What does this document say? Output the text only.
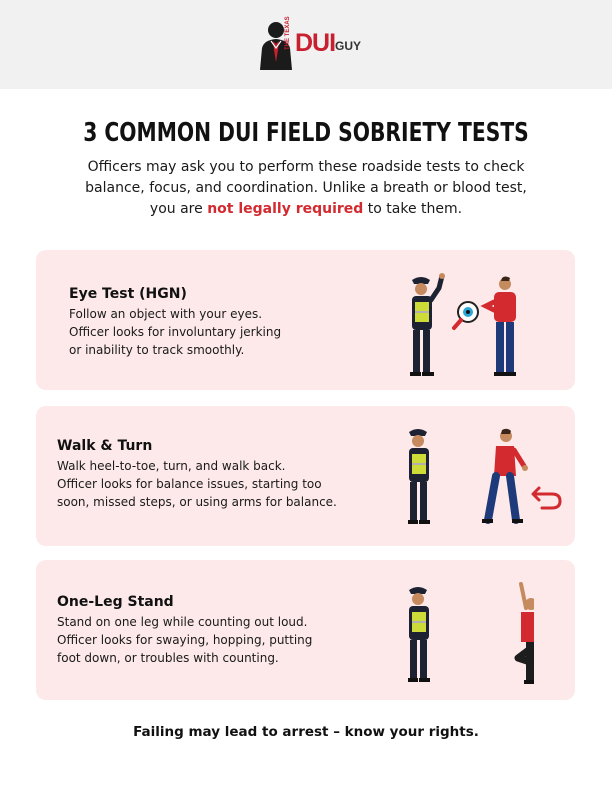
THE TEXAS DUI GUY
3 COMMON DUI FIELD SOBRIETY TESTS
Officers may ask you to perform these roadside tests to check
balance, focus, and coordination. Unlike a breath or blood test,
you are not legally required to take them.
Eye Test (HGN)
Follow an object with your eyes.
Officer looks for involuntary jerking
or inability to track smoothly.
Walk & Turn
Walk heel-to-toe, turn, and walk back.
Officer looks for balance issues, starting too
soon, missed steps, or using arms for balance.
One-Leg Stand
Stand on one leg while counting out loud.
Officer looks for swaying, hopping, putting
foot down, or troubles with counting.
Failing may lead to arrest – know your rights.
